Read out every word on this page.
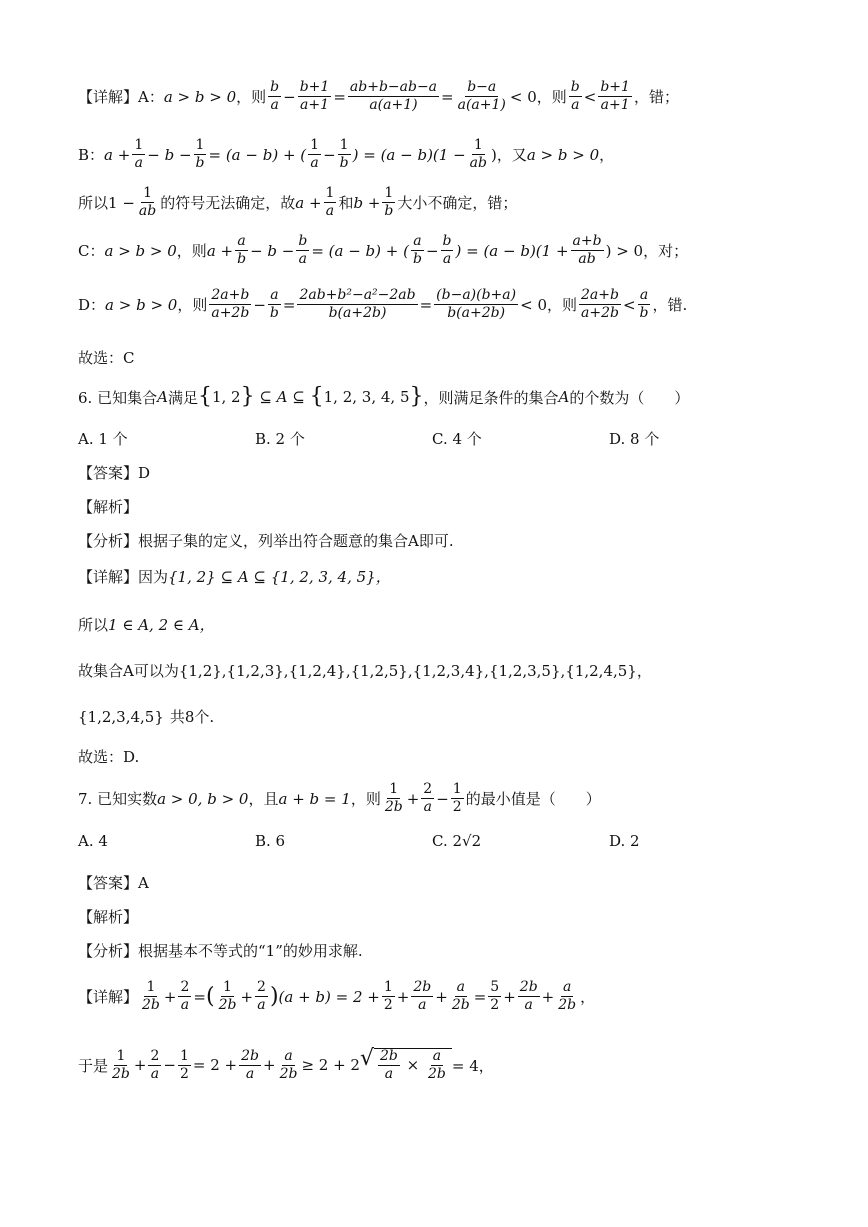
【详解】A： a > b > 0 ，则 $\frac{b}{a} - \frac{b+1}{a+1} = \frac{ab+b-ab-a}{a(a+1)} = \frac{b-a}{a(a+1)} < 0$ ，则 $\frac{b}{a} < \frac{b+1}{a+1}$ ，错；
B： $a + \frac{1}{a} - b - \frac{1}{b} = (a - b)$ + ( $\frac{1}{a} - \frac{1}{b}$ ) = $(a - b)(1 - \frac{1}{ab}$ ) ，又 a > b > 0 ，
所以 $1 - \frac{1}{ab}$ 的符号无法确定，故 $a + \frac{1}{a}$ 和 $b + \frac{1}{b}$ 大小不确定，错；
C： a > b > 0 ，则 $a + \frac{a}{b} - b - \frac{b}{a} = (a - b)$ + ( $\frac{a}{b} - \frac{b}{a}$ ) = $(a - b)(1 + \frac{a+b}{ab}$ ) > 0 ，对；
D： a > b > 0 ，则 $\frac{2a+b}{a+2b} - \frac{a}{b} = \frac{\text{2ab+b²−a²−2ab}}{b(a+2b)} = \frac{(b-a)(b+a)}{b(a+2b)} < 0$ ，则 $\frac{2a+b}{a+2b} < \frac{a}{b}$ ，错.
故选：C
6. 已知集合 A 满足 { 1, 2 } ⊆ A ⊆ { 1, 2, 3, 4, 5 } ，则满足条件的集合 A 的个数为（　　）
A. 1 个	B. 2 个	C. 4 个	D. 8 个
【答案】D
【解析】
【分析】根据子集的定义，列举出符合题意的集合A即可.
【详解】因为 {1, 2} ⊆ A ⊆ {1, 2, 3, 4, 5}，
所以 1 ∈ A, 2 ∈ A，
故集合A可以为 {1,2},{1,2,3},{1,2,4},{1,2,5},{1,2,3,4},{1,2,3,5},{1,2,4,5}，
{1,2,3,4,5} 共8个.
故选：D.
7. 已知实数 a > 0, b > 0 ，且 a + b = 1 ，则 $\frac{1}{2b} + \frac{2}{a} - \frac{1}{2}$ 的最小值是（　　）
A. 4	B. 6	C. 2√2	D. 2
【答案】A
【解析】
【分析】根据基本不等式的“1”的妙用求解.
【详解】 $\frac{1}{2b} + \frac{2}{a}$ = ( $\frac{1}{2b} + \frac{2}{a}$ ) $(a + b) = 2 + \frac{1}{2} + \frac{2b}{a} + \frac{a}{2b} = \frac{5}{2} + \frac{2b}{a} + \frac{a}{2b}$ ，
于是 $\frac{1}{2b} + \frac{2}{a} - \frac{1}{2} = 2 + \frac{2b}{a} + \frac{a}{2b} \ge 2 + 2$ √ $\frac{2b}{a} \times \frac{a}{2b} = 4$，
